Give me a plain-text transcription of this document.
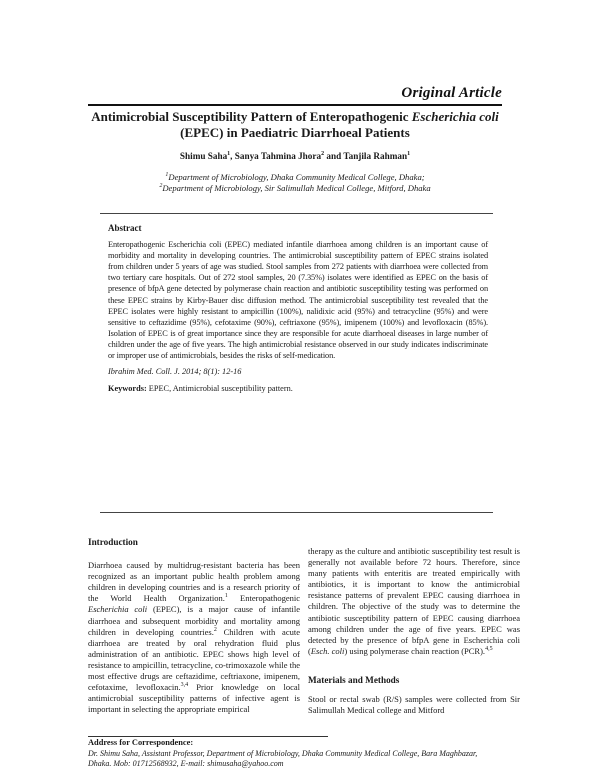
Original Article
Antimicrobial Susceptibility Pattern of Enteropathogenic Escherichia coli
(EPEC) in Paediatric Diarrhoeal Patients
Shimu Saha$^1$, Sanya Tahmina Jhora$^2$ and Tanjila Rahman$^1$
$^1$Department of Microbiology, Dhaka Community Medical College, Dhaka;
$^2$Department of Microbiology, Sir Salimullah Medical College, Mitford, Dhaka
Abstract

Enteropathogenic Escherichia coli (EPEC) mediated infantile diarrhoea among children is an important cause of morbidity and mortality in developing countries. The antimicrobial susceptibility pattern of EPEC strains isolated from children under 5 years of age was studied. Stool samples from 272 patients with diarrhoea were collected from two tertiary care hospitals. Out of 272 stool samples, 20 (7.35%) isolates were identified as EPEC on the basis of presence of bfpA gene detected by polymerase chain reaction and antibiotic susceptibility testing was performed on these EPEC strains by Kirby-Bauer disc diffusion method. The antimicrobial susceptibility test revealed that the EPEC isolates were highly resistant to ampicillin (100%), nalidixic acid (95%) and tetracycline (95%) and were sensitive to ceftazidime (95%), cefotaxime (90%), ceftriaxone (95%), imipenem (100%) and levofloxacin (85%). Isolation of EPEC is of great importance since they are responsible for acute diarrhoeal diseases in large number of children under the age of five years. The high antimicrobial resistance observed in our study indicates indiscriminate or improper use of antimicrobials, besides the risks of self-medication.

Ibrahim Med. Coll. J. 2014; 8(1): 12-16
Keywords: EPEC, Antimicrobial susceptibility pattern.
Introduction

Diarrhoea caused by multidrug-resistant bacteria has been recognized as an important public health problem among children in developing countries and is a research priority of the World Health Organization.$^1$ Enteropathogenic Escherichia coli (EPEC), is a major cause of infantile diarrhoea and subsequent morbidity and mortality among children in developing countries.$^2$ Children with acute diarrhoea are treated by oral rehydration fluid plus administration of an antibiotic. EPEC shows high level of resistance to ampicillin, tetracycline, co-trimoxazole while the most effective drugs are ceftazidime, ceftriaxone, imipenem, cefotaxime, levofloxacin.$^{3,4}$ Prior knowledge on local antimicrobial susceptibility patterns of infective agent is important in selecting the appropriate empirical

therapy as the culture and antibiotic susceptibility test result is generally not available before 72 hours. Therefore, since many patients with enteritis are treated empirically with antibiotics, it is important to know the antimicrobial resistance patterns of prevalent EPEC causing diarrhoea in children. The objective of the study was to determine the antibiotic susceptibility pattern of EPEC causing diarrhoea among children under the age of five years. EPEC was detected by the presence of bfpA gene in Escherichia coli (Esch. coli) using polymerase chain reaction (PCR).$^{4,5}$

Materials and Methods

Stool or rectal swab (R/S) samples were collected from Sir Salimullah Medical college and Mitford

Address for Correspondence:
Dr. Shimu Saha, Assistant Professor, Department of Microbiology, Dhaka Community Medical College, Bara Maghbazar, Dhaka. Mob: 01712568932, E-mail: shimusaha@yahoo.com
